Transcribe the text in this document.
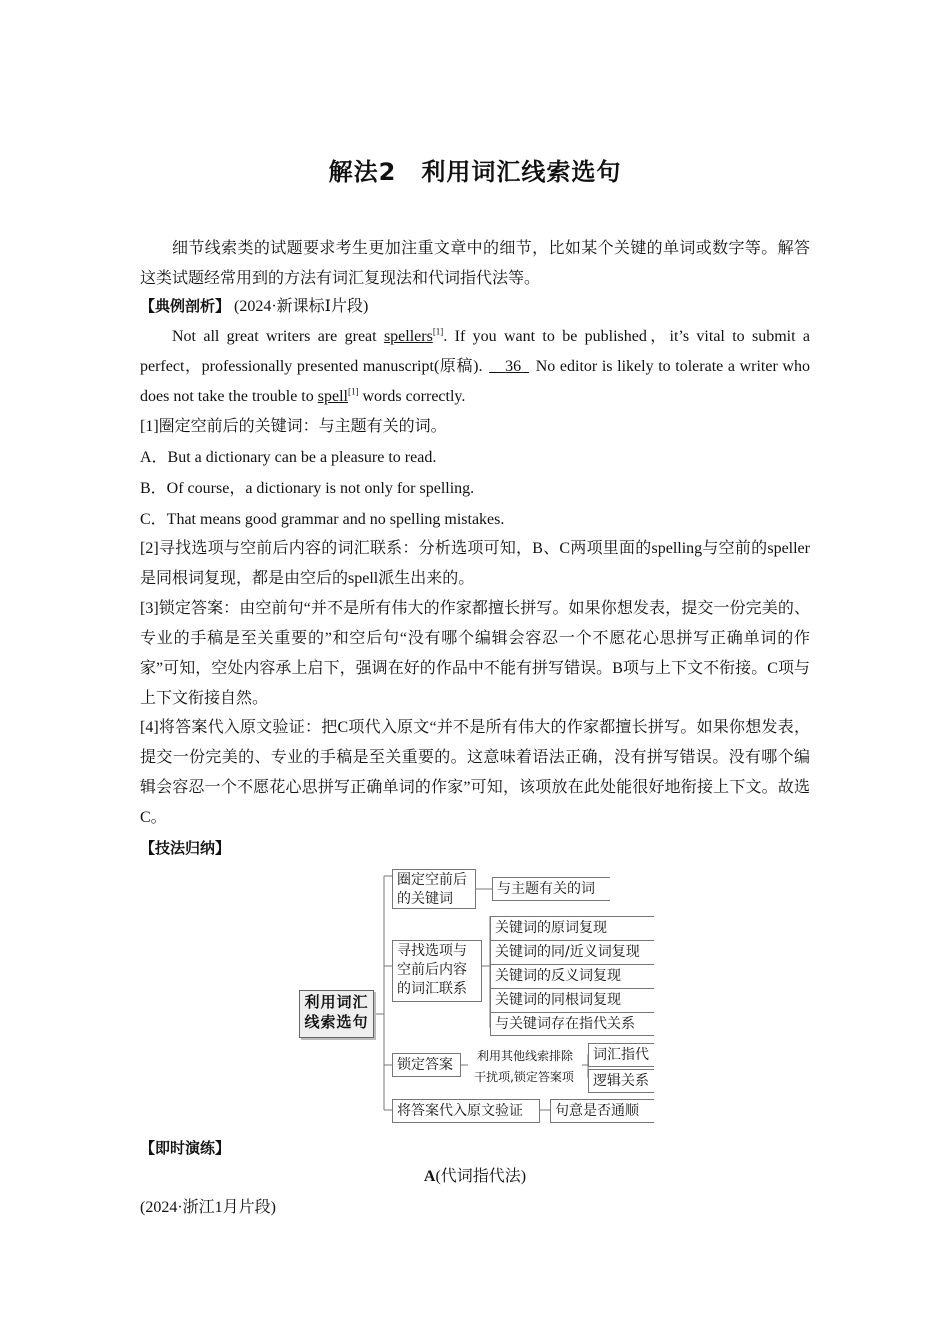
解法2　利用词汇线索选句

细节线索类的试题要求考生更加注重文章中的细节，比如某个关键的单词或数字等。解答这类试题经常用到的方法有词汇复现法和代词指代法等。

【典例剖析】 (2024·新课标Ⅰ片段)

Not all great writers are great spellers[1]. If you want to be published，it’s vital to submit a perfect，professionally presented manuscript(原稿).  36  No editor is likely to tolerate a writer who does not take the trouble to spell[1] words correctly.

[1]圈定空前后的关键词：与主题有关的词。

A．But a dictionary can be a pleasure to read.

B．Of course，a dictionary is not only for spelling.

C．That means good grammar and no spelling mistakes.

[2]寻找选项与空前后内容的词汇联系：分析选项可知，B、C两项里面的spelling与空前的speller是同根词复现，都是由空后的spell派生出来的。

[3]锁定答案：由空前句“并不是所有伟大的作家都擅长拼写。如果你想发表，提交一份完美的、专业的手稿是至关重要的”和空后句“没有哪个编辑会容忍一个不愿花心思拼写正确单词的作家”可知，空处内容承上启下，强调在好的作品中不能有拼写错误。B项与上下文不衔接。C项与上下文衔接自然。

[4]将答案代入原文验证：把C项代入原文“并不是所有伟大的作家都擅长拼写。如果你想发表，提交一份完美的、专业的手稿是至关重要的。这意味着语法正确，没有拼写错误。没有哪个编辑会容忍一个不愿花心思拼写正确单词的作家”可知，该项放在此处能很好地衔接上下文。故选C。

【技法归纳】

【即时演练】

A(代词指代法)

(2024·浙江1月片段)

利用词汇线索选句
圈定空前后的关键词
与主题有关的词
寻找选项与空前后内容的词汇联系
关键词的原词复现
关键词的同/近义词复现
关键词的反义词复现
关键词的同根词复现
与关键词存在指代关系
锁定答案
利用其他线索排除
干扰项,锁定答案项
词汇指代
逻辑关系
将答案代入原文验证	句意是否通顺
